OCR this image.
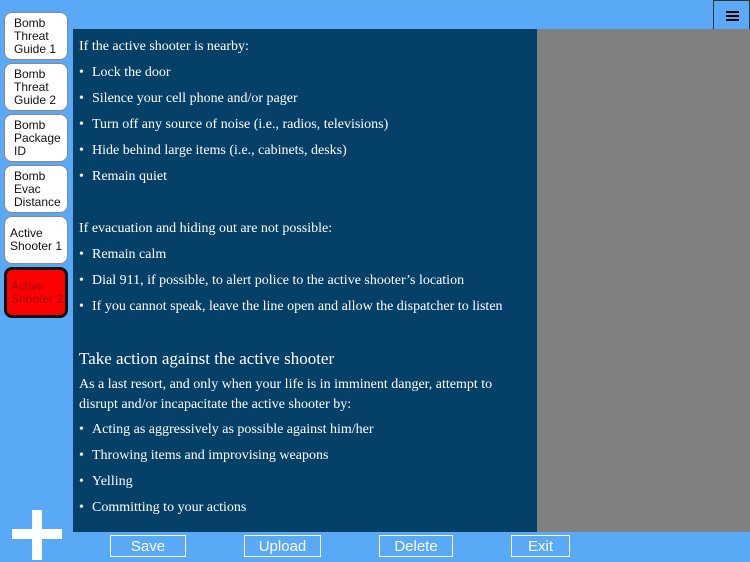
Bomb
Threat
Guide 1
Bomb
Threat
Guide 2
Bomb
Package
ID
Bomb
Evac
Distance
Active
Shooter 1
Active
Shooter 2
If the active shooter is nearby:
• Lock the door
• Silence your cell phone and/or pager
• Turn off any source of noise (i.e., radios, televisions)
• Hide behind large items (i.e., cabinets, desks)
• Remain quiet
If evacuation and hiding out are not possible:
• Remain calm
• Dial 911, if possible, to alert police to the active shooter’s location
• If you cannot speak, leave the line open and allow the dispatcher to listen
Take action against the active shooter
As a last resort, and only when your life is in imminent danger, attempt to disrupt and/or incapacitate the active shooter by:
• Acting as aggressively as possible against him/her
• Throwing items and improvising weapons
• Yelling
• Committing to your actions
Save	Upload	Delete	Exit
